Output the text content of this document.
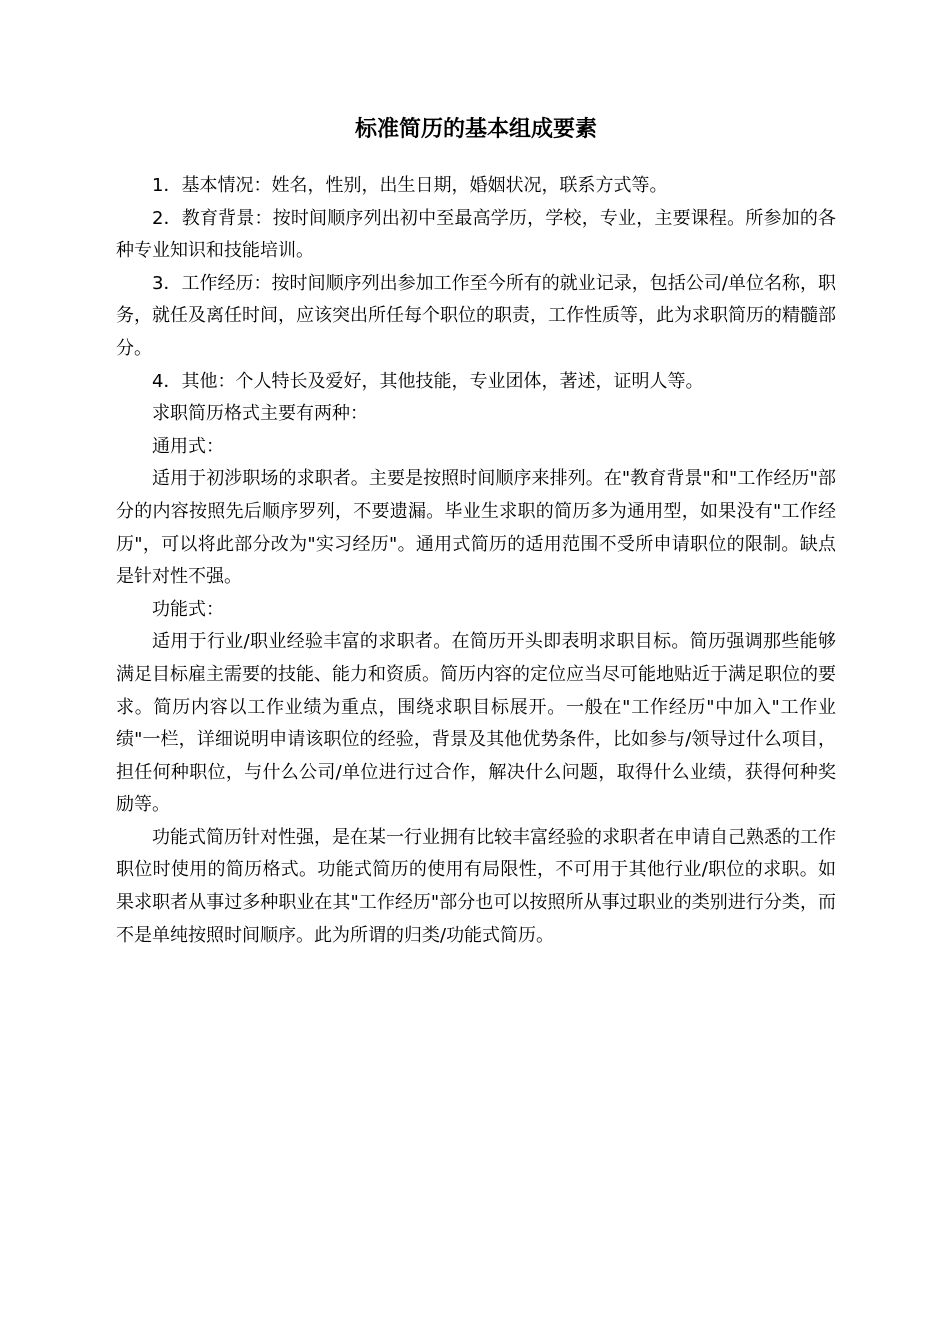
标准简历的基本组成要素

1．基本情况：姓名，性别，出生日期，婚姻状况，联系方式等。

2．教育背景：按时间顺序列出初中至最高学历，学校，专业，主要课程。所参加的各种专业知识和技能培训。

3．工作经历：按时间顺序列出参加工作至今所有的就业记录，包括公司/单位名称，职务，就任及离任时间，应该突出所任每个职位的职责，工作性质等，此为求职简历的精髓部分。

4．其他：个人特长及爱好，其他技能，专业团体，著述，证明人等。

求职简历格式主要有两种：

通用式：

适用于初涉职场的求职者。主要是按照时间顺序来排列。在"教育背景"和"工作经历"部分的内容按照先后顺序罗列，不要遗漏。毕业生求职的简历多为通用型，如果没有"工作经历"，可以将此部分改为"实习经历"。通用式简历的适用范围不受所申请职位的限制。缺点是针对性不强。

功能式：

适用于行业/职业经验丰富的求职者。在简历开头即表明求职目标。简历强调那些能够满足目标雇主需要的技能、能力和资质。简历内容的定位应当尽可能地贴近于满足职位的要求。简历内容以工作业绩为重点，围绕求职目标展开。一般在"工作经历"中加入"工作业绩"一栏，详细说明申请该职位的经验，背景及其他优势条件，比如参与/领导过什么项目，担任何种职位，与什么公司/单位进行过合作，解决什么问题，取得什么业绩，获得何种奖励等。

功能式简历针对性强，是在某一行业拥有比较丰富经验的求职者在申请自己熟悉的工作职位时使用的简历格式。功能式简历的使用有局限性，不可用于其他行业/职位的求职。如果求职者从事过多种职业在其"工作经历"部分也可以按照所从事过职业的类别进行分类，而不是单纯按照时间顺序。此为所谓的归类/功能式简历。
